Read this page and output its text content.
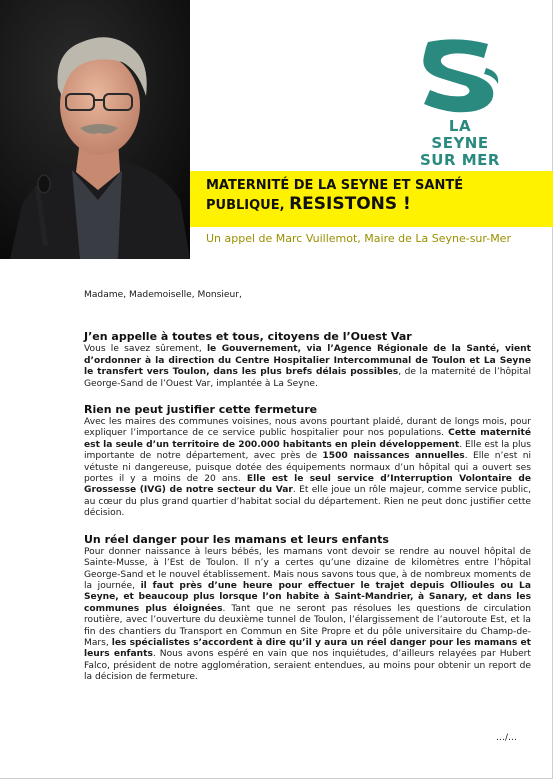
LA SEYNE
SUR MER
MATERNITÉ DE LA SEYNE ET SANTÉ PUBLIQUE, RESISTONS !

Un appel de Marc Vuillemot, Maire de La Seyne-sur-Mer

Madame, Mademoiselle, Monsieur,

J’en appelle à toutes et tous, citoyens de l’Ouest Var

Vous le savez sûrement, le Gouvernement, via l’Agence Régionale de la Santé, vient d’ordonner à la direction du Centre Hospitalier Intercommunal de Toulon et La Seyne le transfert vers Toulon, dans les plus brefs délais possibles, de la maternité de l’hôpital George-Sand de l’Ouest Var, implantée à La Seyne.

Rien ne peut justifier cette fermeture

Avec les maires des communes voisines, nous avons pourtant plaidé, durant de longs mois, pour expliquer l’importance de ce service public hospitalier pour nos populations. Cette maternité est la seule d’un territoire de 200.000 habitants en plein développement. Elle est la plus importante de notre département, avec près de 1500 naissances annuelles. Elle n’est ni vétuste ni dangereuse, puisque dotée des équipements normaux d’un hôpital qui a ouvert ses portes il y a moins de 20 ans. Elle est le seul service d’Interruption Volontaire de Grossesse (IVG) de notre secteur du Var. Et elle joue un rôle majeur, comme service public, au cœur du plus grand quartier d’habitat social du département. Rien ne peut donc justifier cette décision.

Un réel danger pour les mamans et leurs enfants

Pour donner naissance à leurs bébés, les mamans vont devoir se rendre au nouvel hôpital de Sainte-Musse, à l’Est de Toulon. Il n’y a certes qu’une dizaine de kilomètres entre l’hôpital George-Sand et le nouvel établissement. Mais nous savons tous que, à de nombreux moments de la journée, il faut près d’une heure pour effectuer le trajet depuis Ollioules ou La Seyne, et beaucoup plus lorsque l’on habite à Saint-Mandrier, à Sanary, et dans les communes plus éloignées. Tant que ne seront pas résolues les questions de circulation routière, avec l’ouverture du deuxième tunnel de Toulon, l’élargissement de l’autoroute Est, et la fin des chantiers du Transport en Commun en Site Propre et du pôle universitaire du Champ-de-Mars, les spécialistes s’accordent à dire qu’il y aura un réel danger pour les mamans et leurs enfants. Nous avons espéré en vain que nos inquiétudes, d’ailleurs relayées par Hubert Falco, président de notre agglomération, seraient entendues, au moins pour obtenir un report de la décision de fermeture.

…/…
